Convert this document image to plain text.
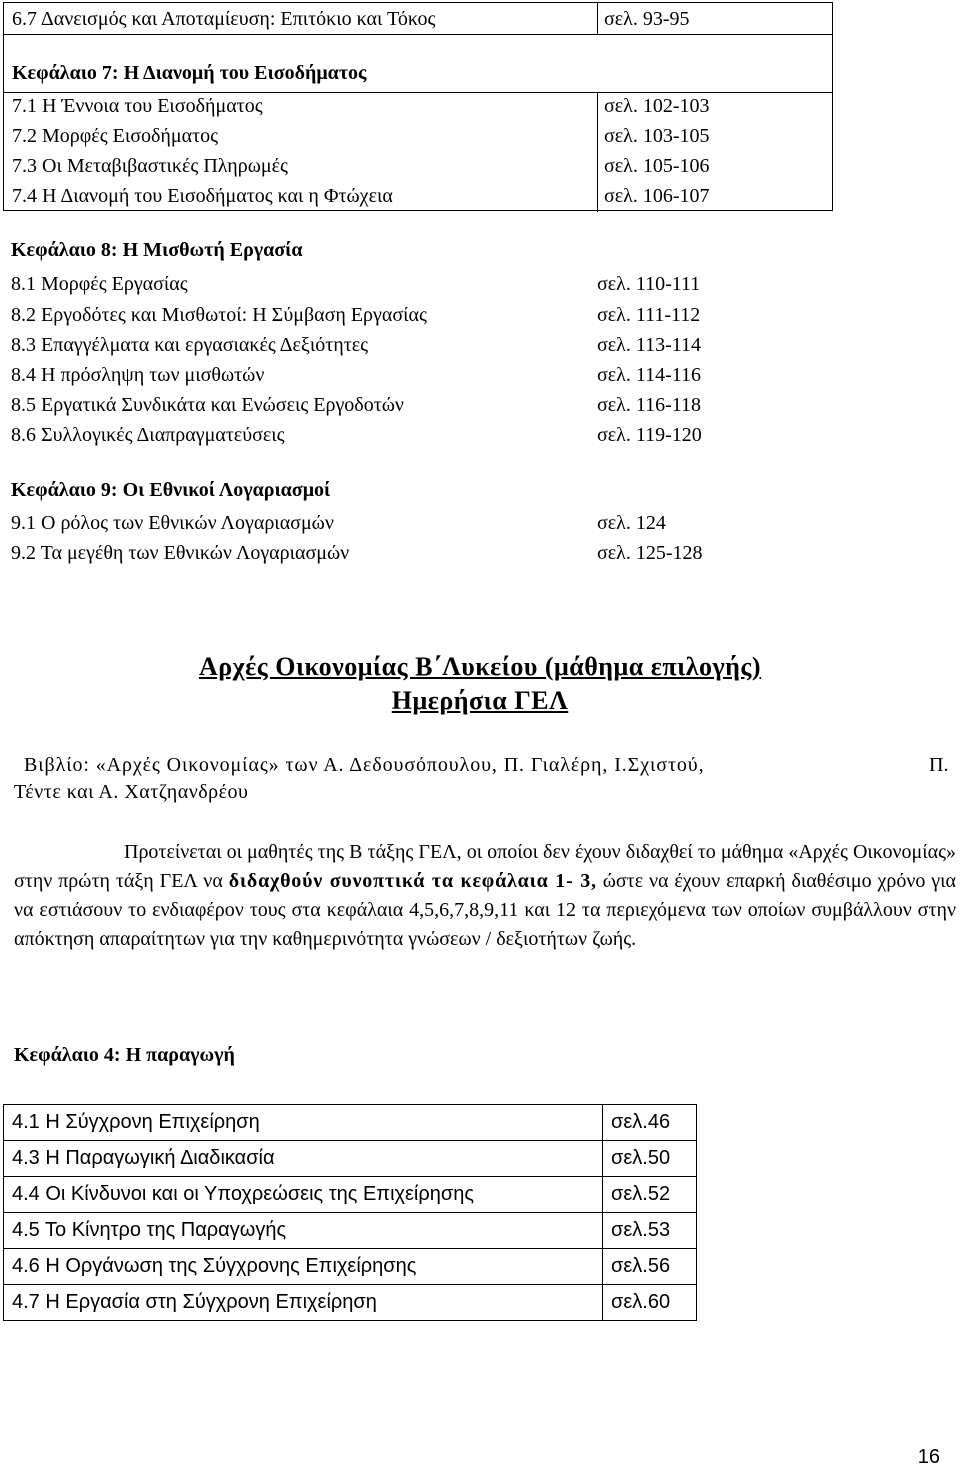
6.7 Δανεισμός και Αποταμίευση: Επιτόκιο και Τόκος	σελ. 93-95
Κεφάλαιο 7: Η Διανομή του Εισοδήματος
7.1 Η Έννοια του Εισοδήματος	σελ. 102-103
7.2 Μορφές Εισοδήματος	σελ. 103-105
7.3 Οι Μεταβιβαστικές Πληρωμές	σελ. 105-106
7.4 Η Διανομή του Εισοδήματος και η Φτώχεια	σελ. 106-107
Κεφάλαιο 8: Η Μισθωτή Εργασία
8.1 Μορφές Εργασίας	σελ. 110-111
8.2 Εργοδότες και Μισθωτοί: Η Σύμβαση Εργασίας	σελ. 111-112
8.3 Επαγγέλματα και εργασιακές Δεξιότητες	σελ. 113-114
8.4 Η πρόσληψη των μισθωτών	σελ. 114-116
8.5 Εργατικά Συνδικάτα και Ενώσεις Εργοδοτών	σελ. 116-118
8.6 Συλλογικές Διαπραγματεύσεις	σελ. 119-120
Κεφάλαιο 9: Οι Εθνικοί Λογαριασμοί
9.1 Ο ρόλος των Εθνικών Λογαριασμών	σελ. 124
9.2 Τα μεγέθη των Εθνικών Λογαριασμών	σελ. 125-128
Αρχές Οικονομίας Β΄Λυκείου (μάθημα επιλογής)
Ημερήσια ΓΕΛ
Βιβλίο: «Αρχές Οικονομίας» των Α. Δεδουσόπουλου, Π. Γιαλέρη, Ι.Σχιστού,	Π.
Τέντε και Α. Χατζηανδρέου
Προτείνεται οι μαθητές της Β τάξης ΓΕΛ, οι οποίοι δεν έχουν διδαχθεί το μάθημα «Αρχές Οικονομίας» στην πρώτη τάξη ΓΕΛ να διδαχθούν συνοπτικά τα κεφάλαια 1- 3, ώστε να έχουν επαρκή διαθέσιμο χρόνο για να εστιάσουν το ενδιαφέρον τους στα κεφάλαια 4,5,6,7,8,9,11 και 12 τα περιεχόμενα των οποίων συμβάλλουν στην απόκτηση απαραίτητων για την καθημερινότητα γνώσεων / δεξιοτήτων ζωής.
Κεφάλαιο 4: Η παραγωγή
4.1 Η Σύγχρονη Επιχείρηση	σελ.46
4.3 Η Παραγωγική Διαδικασία	σελ.50
4.4 Οι Κίνδυνοι και οι Υποχρεώσεις της Επιχείρησης	σελ.52
4.5 Το Κίνητρο της Παραγωγής	σελ.53
4.6 Η Οργάνωση της Σύγχρονης Επιχείρησης	σελ.56
4.7 Η Εργασία στη Σύγχρονη Επιχείρηση	σελ.60
16
